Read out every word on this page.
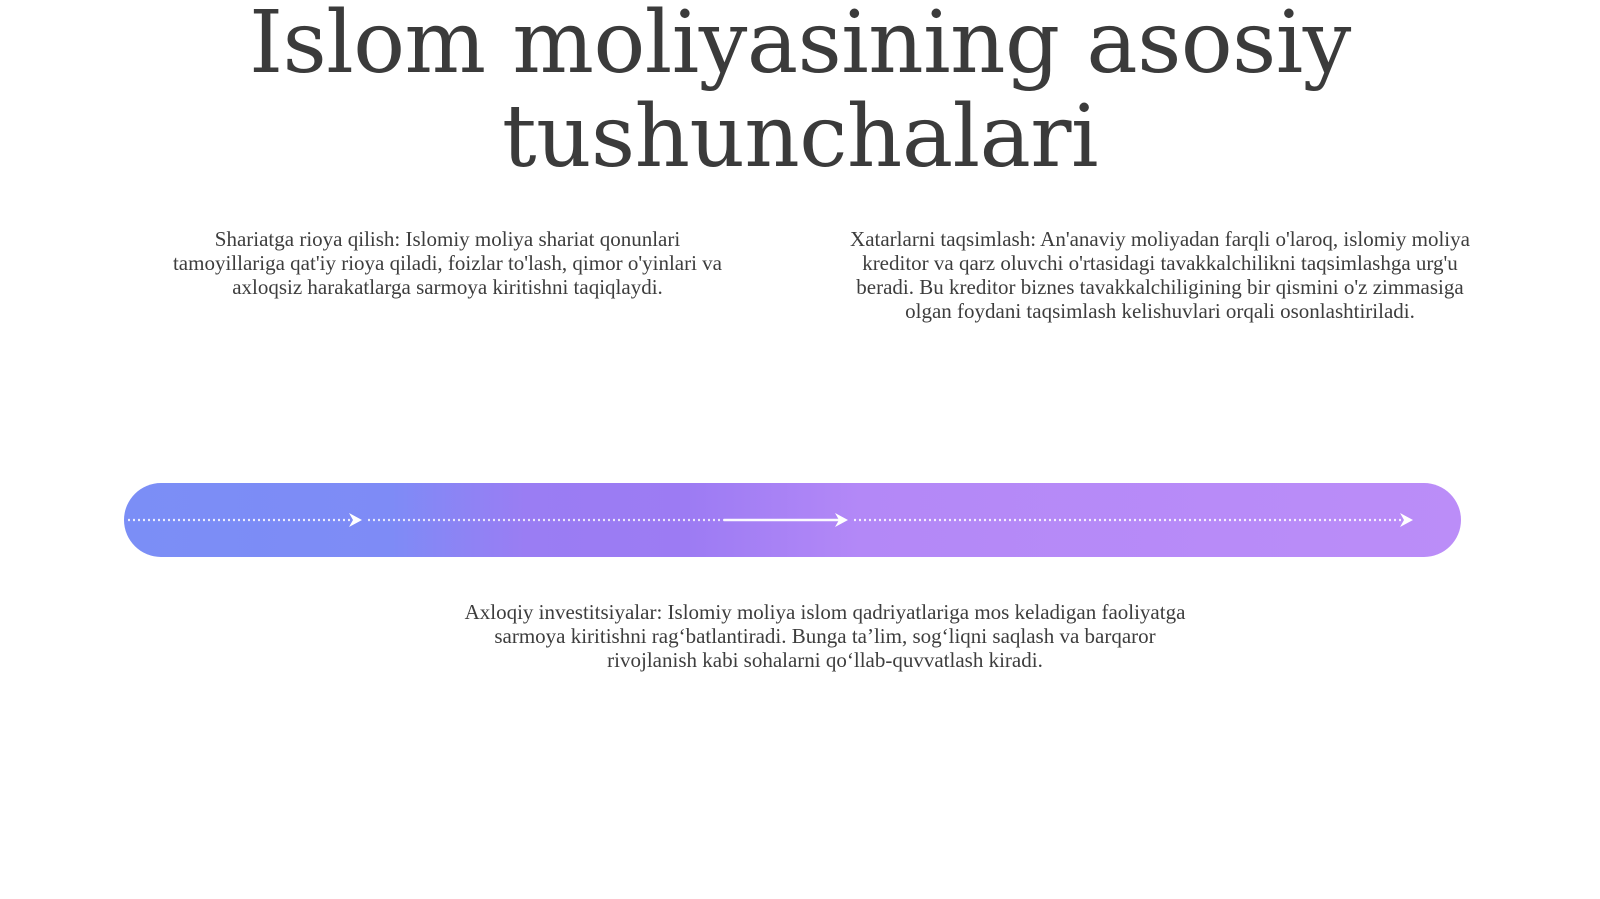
Islom moliyasining asosiy tushunchalari
Shariatga rioya qilish: Islomiy moliya shariat qonunlari tamoyillariga qat'iy rioya qiladi, foizlar to'lash, qimor o'yinlari va axloqsiz harakatlarga sarmoya kiritishni taqiqlaydi.
Xatarlarni taqsimlash: An'anaviy moliyadan farqli o'laroq, islomiy moliya kreditor va qarz oluvchi o'rtasidagi tavakkalchilikni taqsimlashga urg'u beradi. Bu kreditor biznes tavakkalchiligining bir qismini o'z zimmasiga olgan foydani taqsimlash kelishuvlari orqali osonlashtiriladi.
Axloqiy investitsiyalar: Islomiy moliya islom qadriyatlariga mos keladigan faoliyatga sarmoya kiritishni rag‘batlantiradi. Bunga ta’lim, sog‘liqni saqlash va barqaror rivojlanish kabi sohalarni qo‘llab-quvvatlash kiradi.
